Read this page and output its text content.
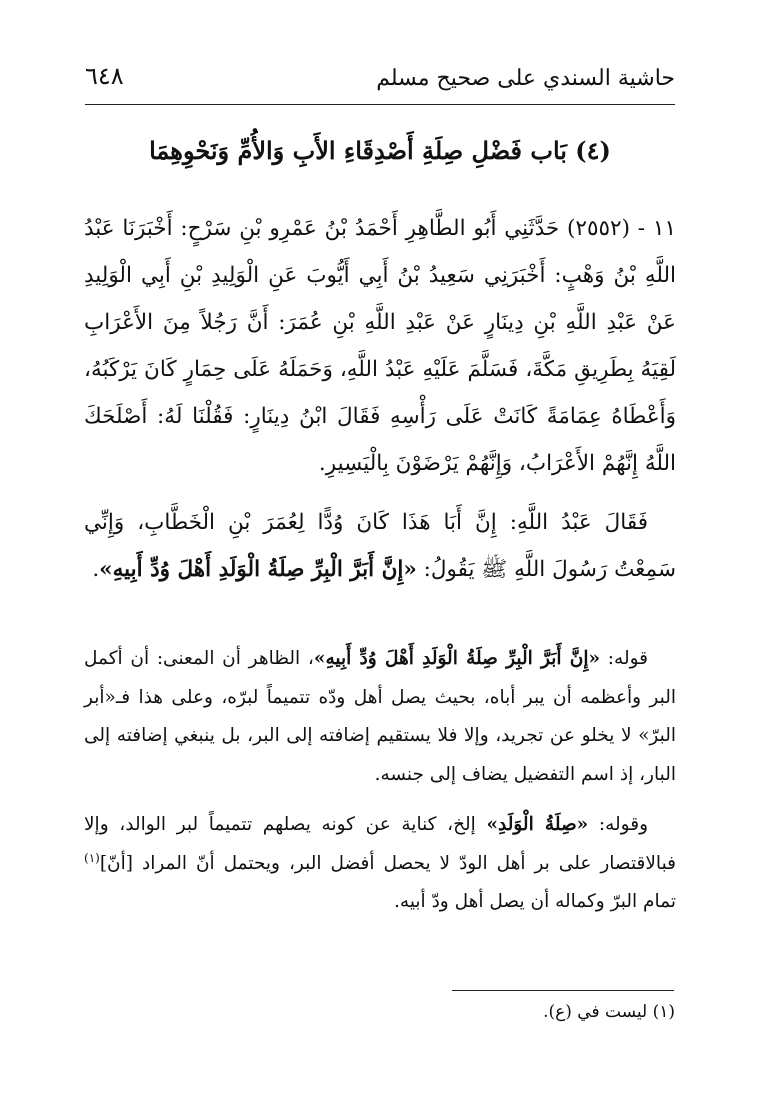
حاشية السندي على صحيح مسلم
٦٤٨
(٤) بَاب فَضْلِ صِلَةِ أَصْدِقَاءِ الأَبِ وَالأُمِّ وَنَحْوِهِمَا

١١ - (٢٥٥٢) حَدَّثَنِي أَبُو الطَّاهِرِ أَحْمَدُ بْنُ عَمْرِو بْنِ سَرْحٍ: أَخْبَرَنَا عَبْدُ اللَّهِ بْنُ وَهْبٍ: أَخْبَرَنِي سَعِيدُ بْنُ أَبِي أَيُّوبَ عَنِ الْوَلِيدِ بْنِ أَبِي الْوَلِيدِ عَنْ عَبْدِ اللَّهِ بْنِ دِينَارٍ عَنْ عَبْدِ اللَّهِ بْنِ عُمَرَ: أَنَّ رَجُلاً مِنَ الأَعْرَابِ لَقِيَهُ بِطَرِيقِ مَكَّةَ، فَسَلَّمَ عَلَيْهِ عَبْدُ اللَّهِ، وَحَمَلَهُ عَلَى حِمَارٍ كَانَ يَرْكَبُهُ، وَأَعْطَاهُ عِمَامَةً كَانَتْ عَلَى رَأْسِهِ فَقَالَ ابْنُ دِينَارٍ: فَقُلْنَا لَهُ: أَصْلَحَكَ اللَّهُ إِنَّهُمْ الأَعْرَابُ، وَإِنَّهُمْ يَرْضَوْنَ بِالْيَسِيرِ.

فَقَالَ عَبْدُ اللَّهِ: إِنَّ أَبَا هَذَا كَانَ وُدًّا لِعُمَرَ بْنِ الْخَطَّابِ، وَإِنِّي سَمِعْتُ رَسُولَ اللَّهِ ﷺ يَقُولُ: «إِنَّ أَبَرَّ الْبِرِّ صِلَةُ الْوَلَدِ أَهْلَ وُدِّ أَبِيهِ».

قوله: «إِنَّ أَبَرَّ الْبِرِّ صِلَةُ الْوَلَدِ أَهْلَ وُدِّ أَبِيهِ»، الظاهر أن المعنى: أن أكمل البر وأعظمه أن يبر أباه، بحيث يصل أهل ودّه تتميماً لبرّه، وعلى هذا فـ«أبر البرّ» لا يخلو عن تجريد، وإلا فلا يستقيم إضافته إلى البر، بل ينبغي إضافته إلى البار، إذ اسم التفضيل يضاف إلى جنسه.

وقوله: «صِلَةُ الْوَلَدِ» إلخ، كناية عن كونه يصلهم تتميماً لبر الوالد، وإلا فبالاقتصار على بر أهل الودّ لا يحصل أفضل البر، ويحتمل أنّ المراد [أنّ]$^{(١)}$ تمام البرّ وكماله أن يصل أهل ودّ أبيه.

(١) ليست في (ع).
